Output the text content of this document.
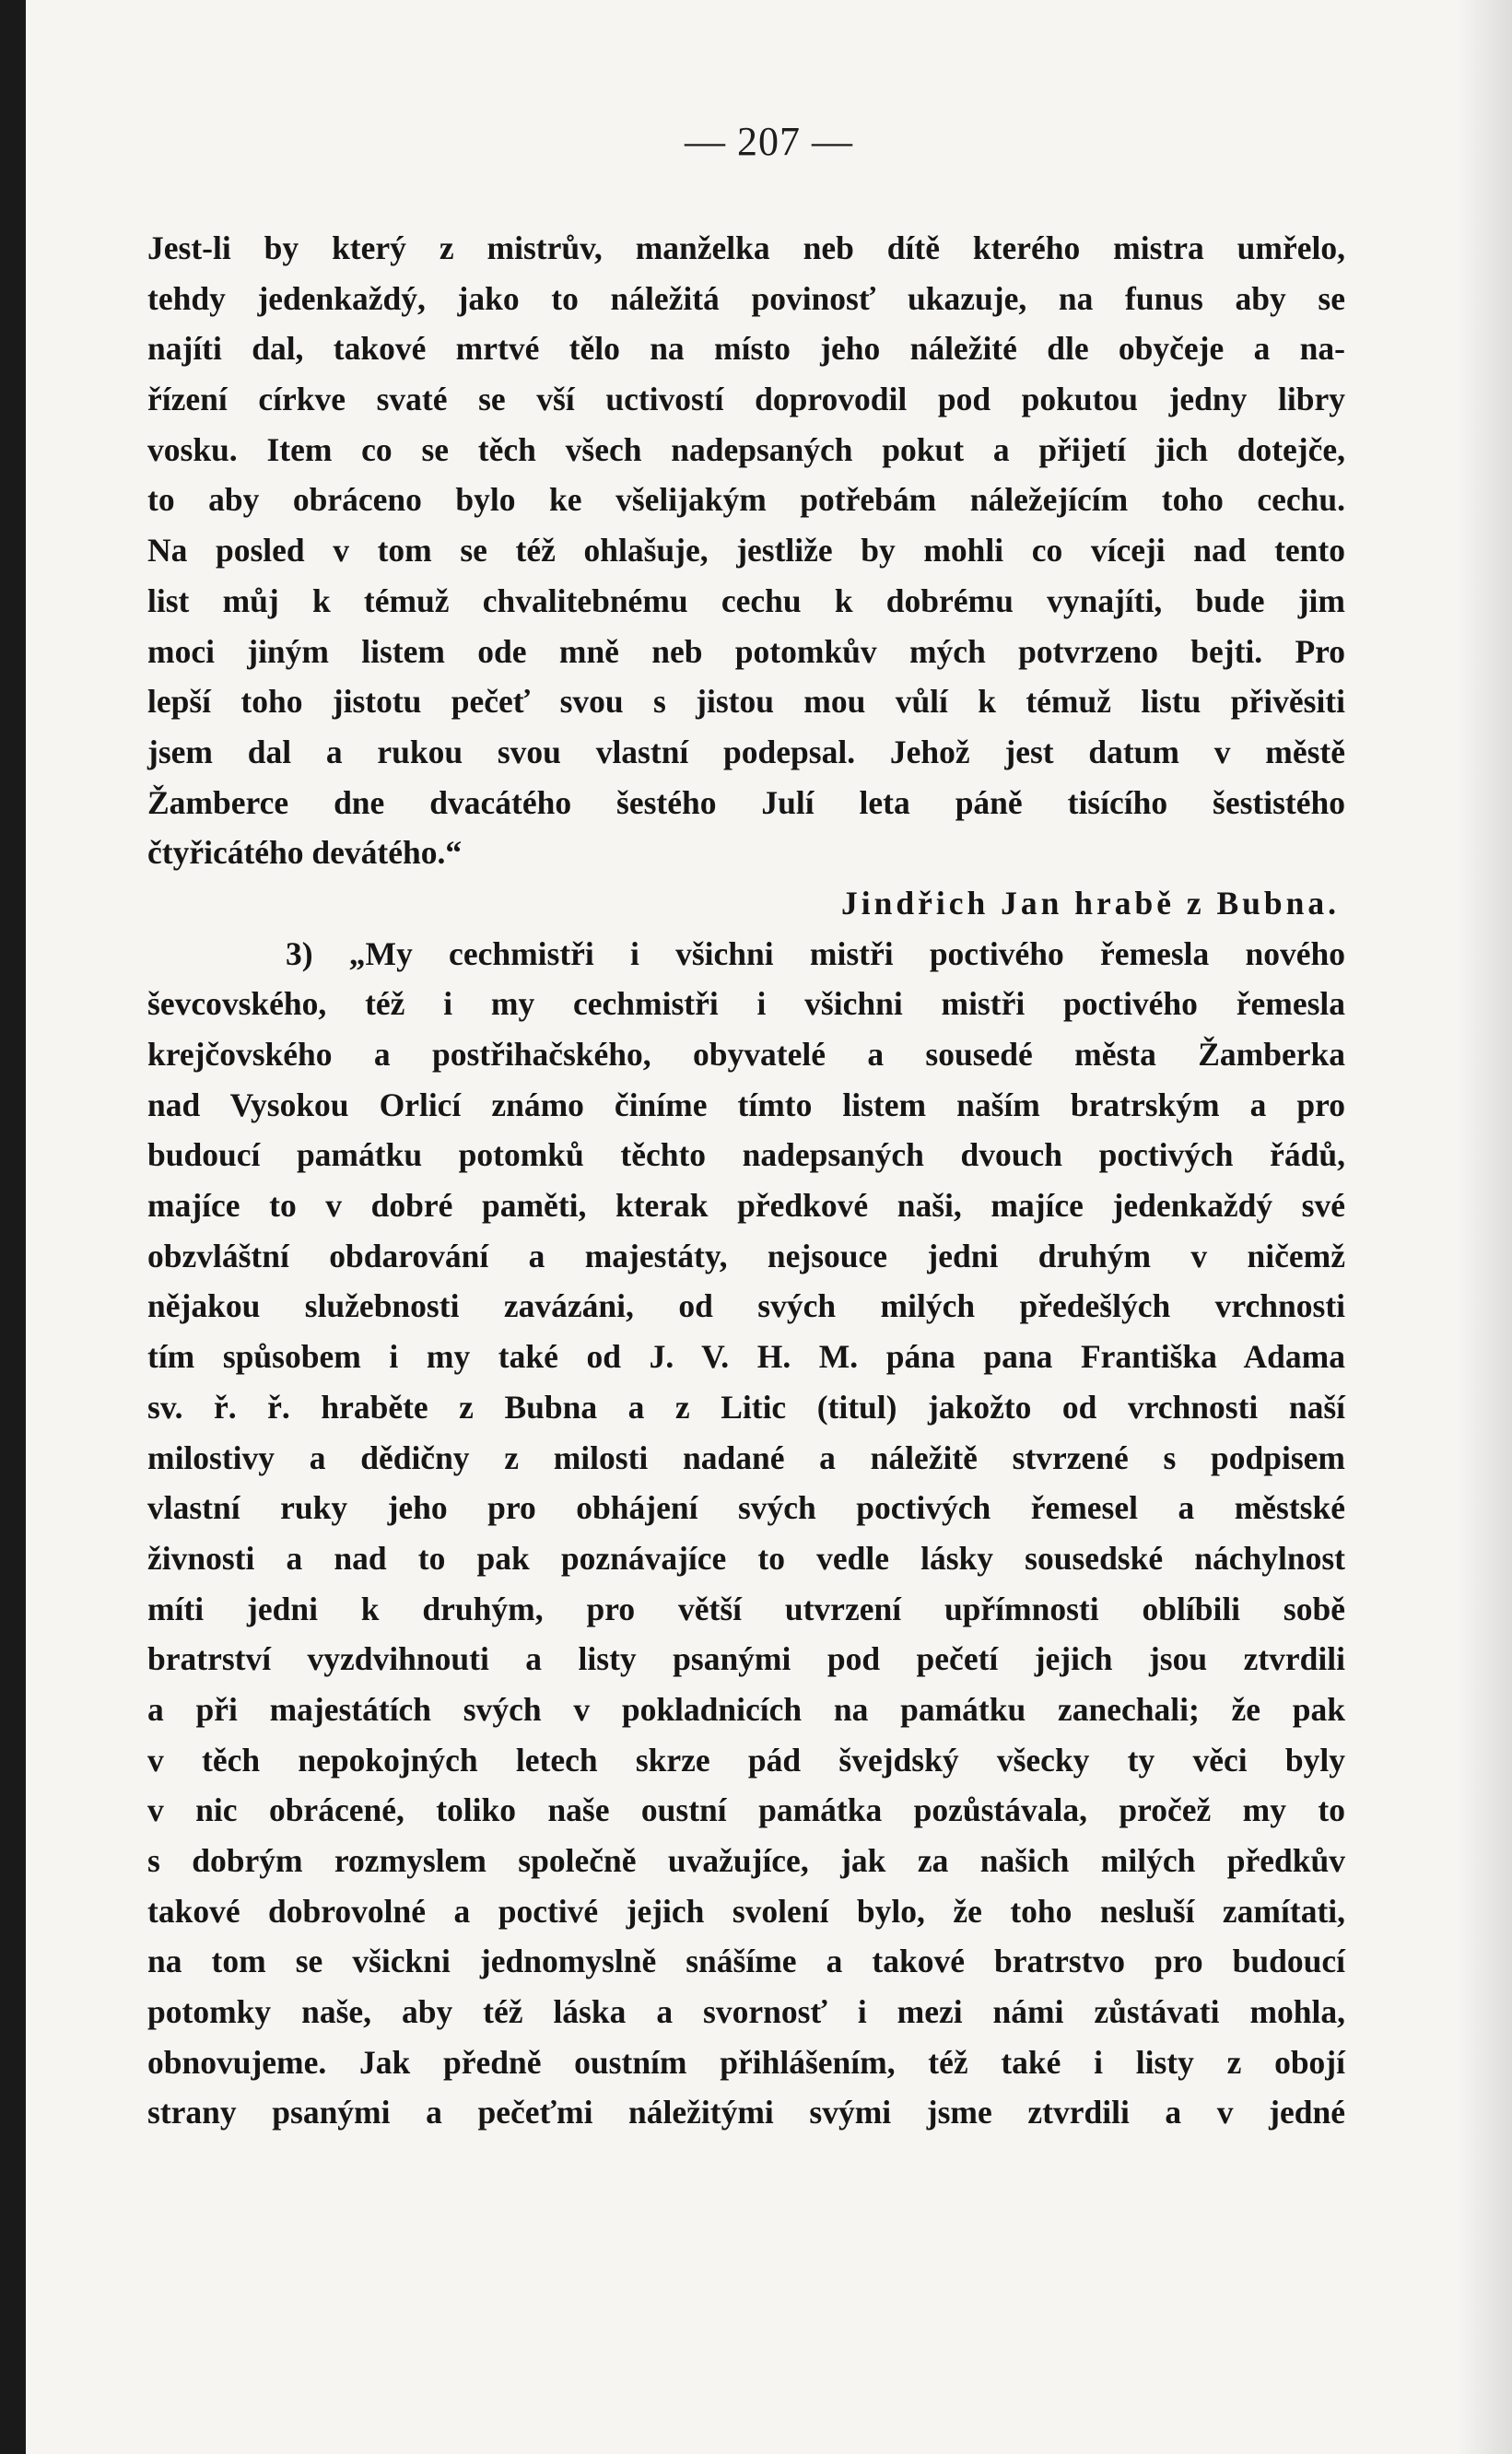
— 207 —
Jest-li by který z mistrův, manželka neb dítě kterého mistra umřelo,
tehdy jedenkaždý, jako to náležitá povinosť ukazuje, na funus aby se
najíti dal, takové mrtvé tělo na místo jeho náležité dle obyčeje a na-
řízení církve svaté se vší uctivostí doprovodil pod pokutou jedny libry
vosku. Item co se těch všech nadepsaných pokut a přijetí jich dotejče,
to aby obráceno bylo ke všelijakým potřebám náležejícím toho cechu.
Na posled v tom se též ohlašuje, jestliže by mohli co víceji nad tento
list můj k témuž chvalitebnému cechu k dobrému vynajíti, bude jim
moci jiným listem ode mně neb potomkův mých potvrzeno bejti. Pro
lepší toho jistotu pečeť svou s jistou mou vůlí k témuž listu přivěsiti
jsem dal a rukou svou vlastní podepsal. Jehož jest datum v městě
Žamberce dne dvacátého šestého Julí leta páně tisícího šestistého
čtyřicátého devátého.“
Jindřich Jan hrabě z Bubna.
3) „My cechmistři i všichni mistři poctivého řemesla nového
ševcovského, též i my cechmistři i všichni mistři poctivého řemesla
krejčovského a postřihačského, obyvatelé a sousedé města Žamberka
nad Vysokou Orlicí známo činíme tímto listem naším bratrským a pro
budoucí památku potomků těchto nadepsaných dvouch poctivých řádů,
majíce to v dobré paměti, kterak předkové naši, majíce jedenkaždý své
obzvláštní obdarování a majestáty, nejsouce jedni druhým v ničemž
nějakou služebnosti zavázáni, od svých milých předešlých vrchnosti
tím spůsobem i my také od J. V. H. M. pána pana Františka Adama
sv. ř. ř. hraběte z Bubna a z Litic (titul) jakožto od vrchnosti naší
milostivy a dědičny z milosti nadané a náležitě stvrzené s podpisem
vlastní ruky jeho pro obhájení svých poctivých řemesel a městské
živnosti a nad to pak poznávajíce to vedle lásky sousedské náchylnost
míti jedni k druhým, pro větší utvrzení upřímnosti oblíbili sobě
bratrství vyzdvihnouti a listy psanými pod pečetí jejich jsou ztvrdili
a při majestátích svých v pokladnicích na památku zanechali; že pak
v těch nepokojných letech skrze pád švejdský všecky ty věci byly
v nic obrácené, toliko naše oustní památka pozůstávala, pročež my to
s dobrým rozmyslem společně uvažujíce, jak za našich milých předkův
takové dobrovolné a poctivé jejich svolení bylo, že toho nesluší zamítati,
na tom se všickni jednomyslně snášíme a takové bratrstvo pro budoucí
potomky naše, aby též láska a svornosť i mezi námi zůstávati mohla,
obnovujeme. Jak předně oustním přihlášením, též také i listy z obojí
strany psanými a pečeťmi náležitými svými jsme ztvrdili a v jedné
